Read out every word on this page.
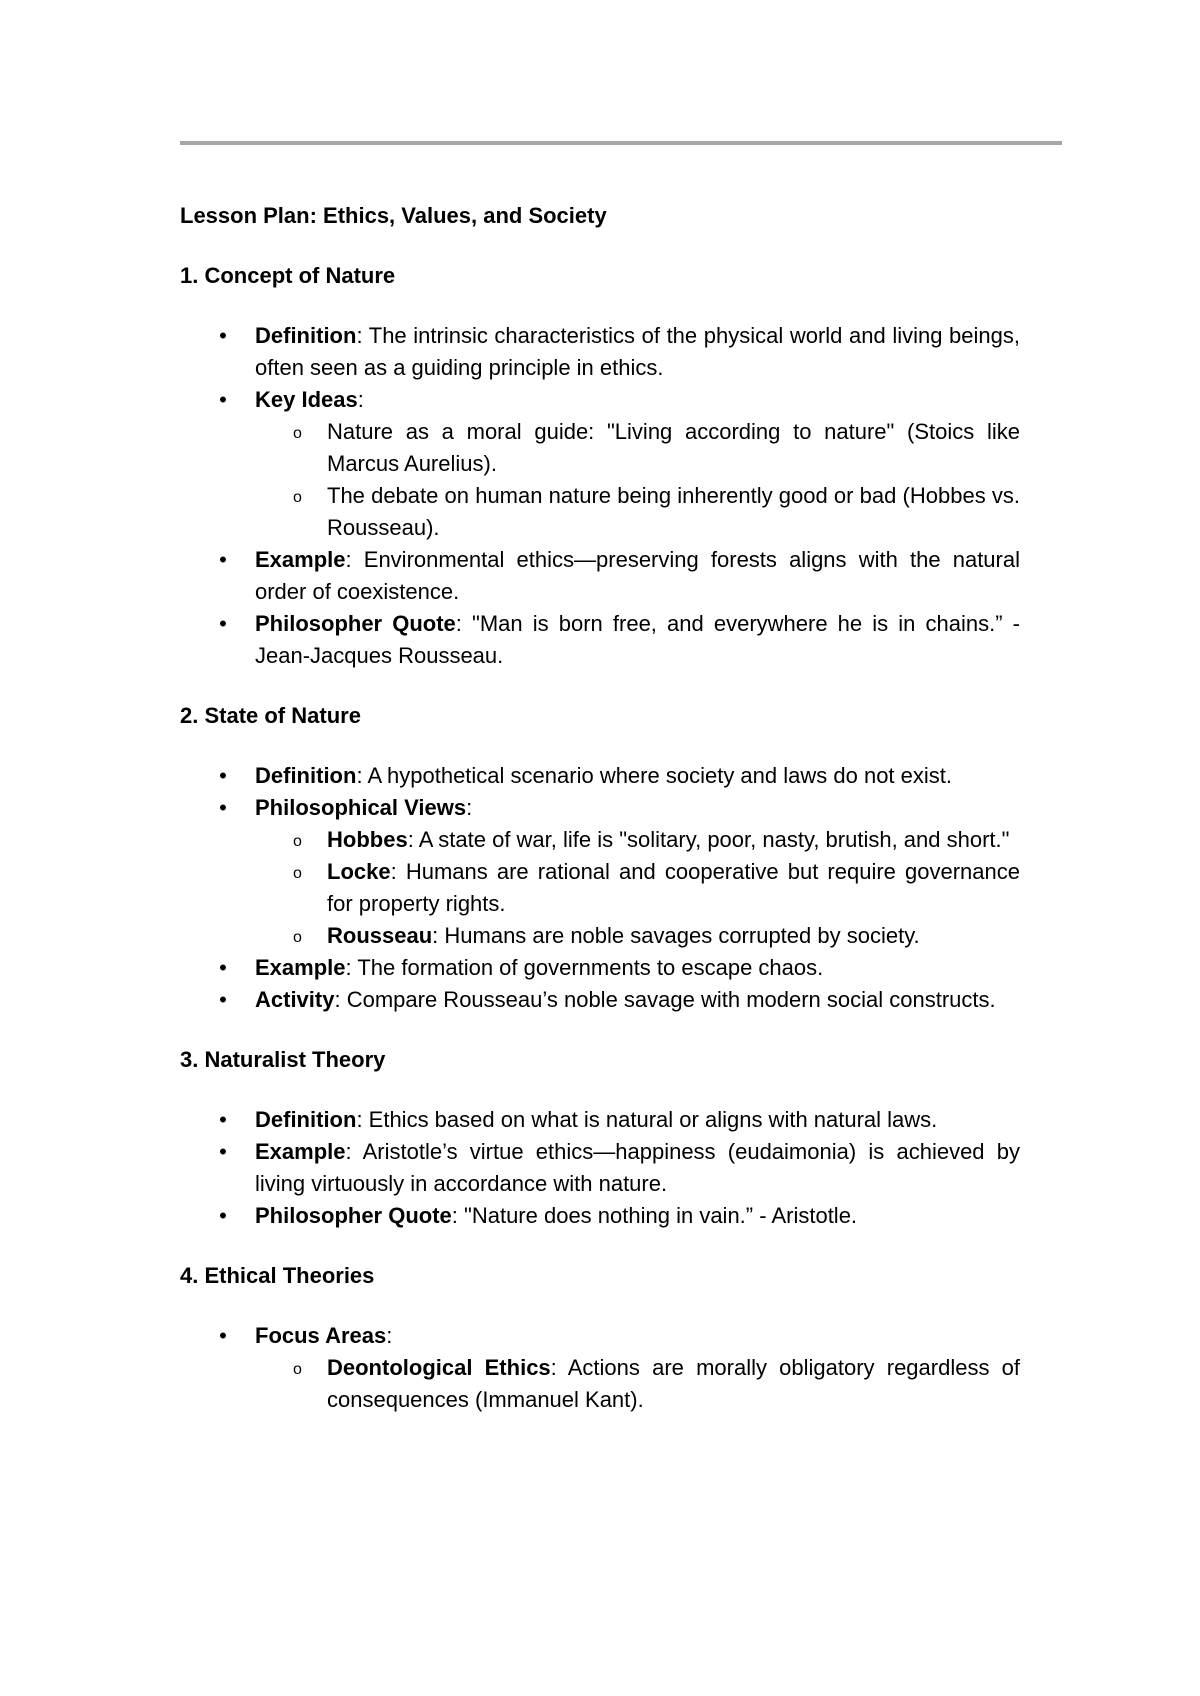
Lesson Plan: Ethics, Values, and Society
1. Concept of Nature
• Definition: The intrinsic characteristics of the physical world and living beings, often seen as a guiding principle in ethics.
• Key Ideas:
o Nature as a moral guide: "Living according to nature" (Stoics like Marcus Aurelius).
o The debate on human nature being inherently good or bad (Hobbes vs. Rousseau).
• Example: Environmental ethics—preserving forests aligns with the natural order of coexistence.
• Philosopher Quote: "Man is born free, and everywhere he is in chains.” - Jean-Jacques Rousseau.
2. State of Nature
• Definition: A hypothetical scenario where society and laws do not exist.
• Philosophical Views:
o Hobbes: A state of war, life is "solitary, poor, nasty, brutish, and short."
o Locke: Humans are rational and cooperative but require governance for property rights.
o Rousseau: Humans are noble savages corrupted by society.
• Example: The formation of governments to escape chaos.
• Activity: Compare Rousseau’s noble savage with modern social constructs.
3. Naturalist Theory
• Definition: Ethics based on what is natural or aligns with natural laws.
• Example: Aristotle’s virtue ethics—happiness (eudaimonia) is achieved by living virtuously in accordance with nature.
• Philosopher Quote: "Nature does nothing in vain.” - Aristotle.
4. Ethical Theories
• Focus Areas:
o Deontological Ethics: Actions are morally obligatory regardless of consequences (Immanuel Kant).
